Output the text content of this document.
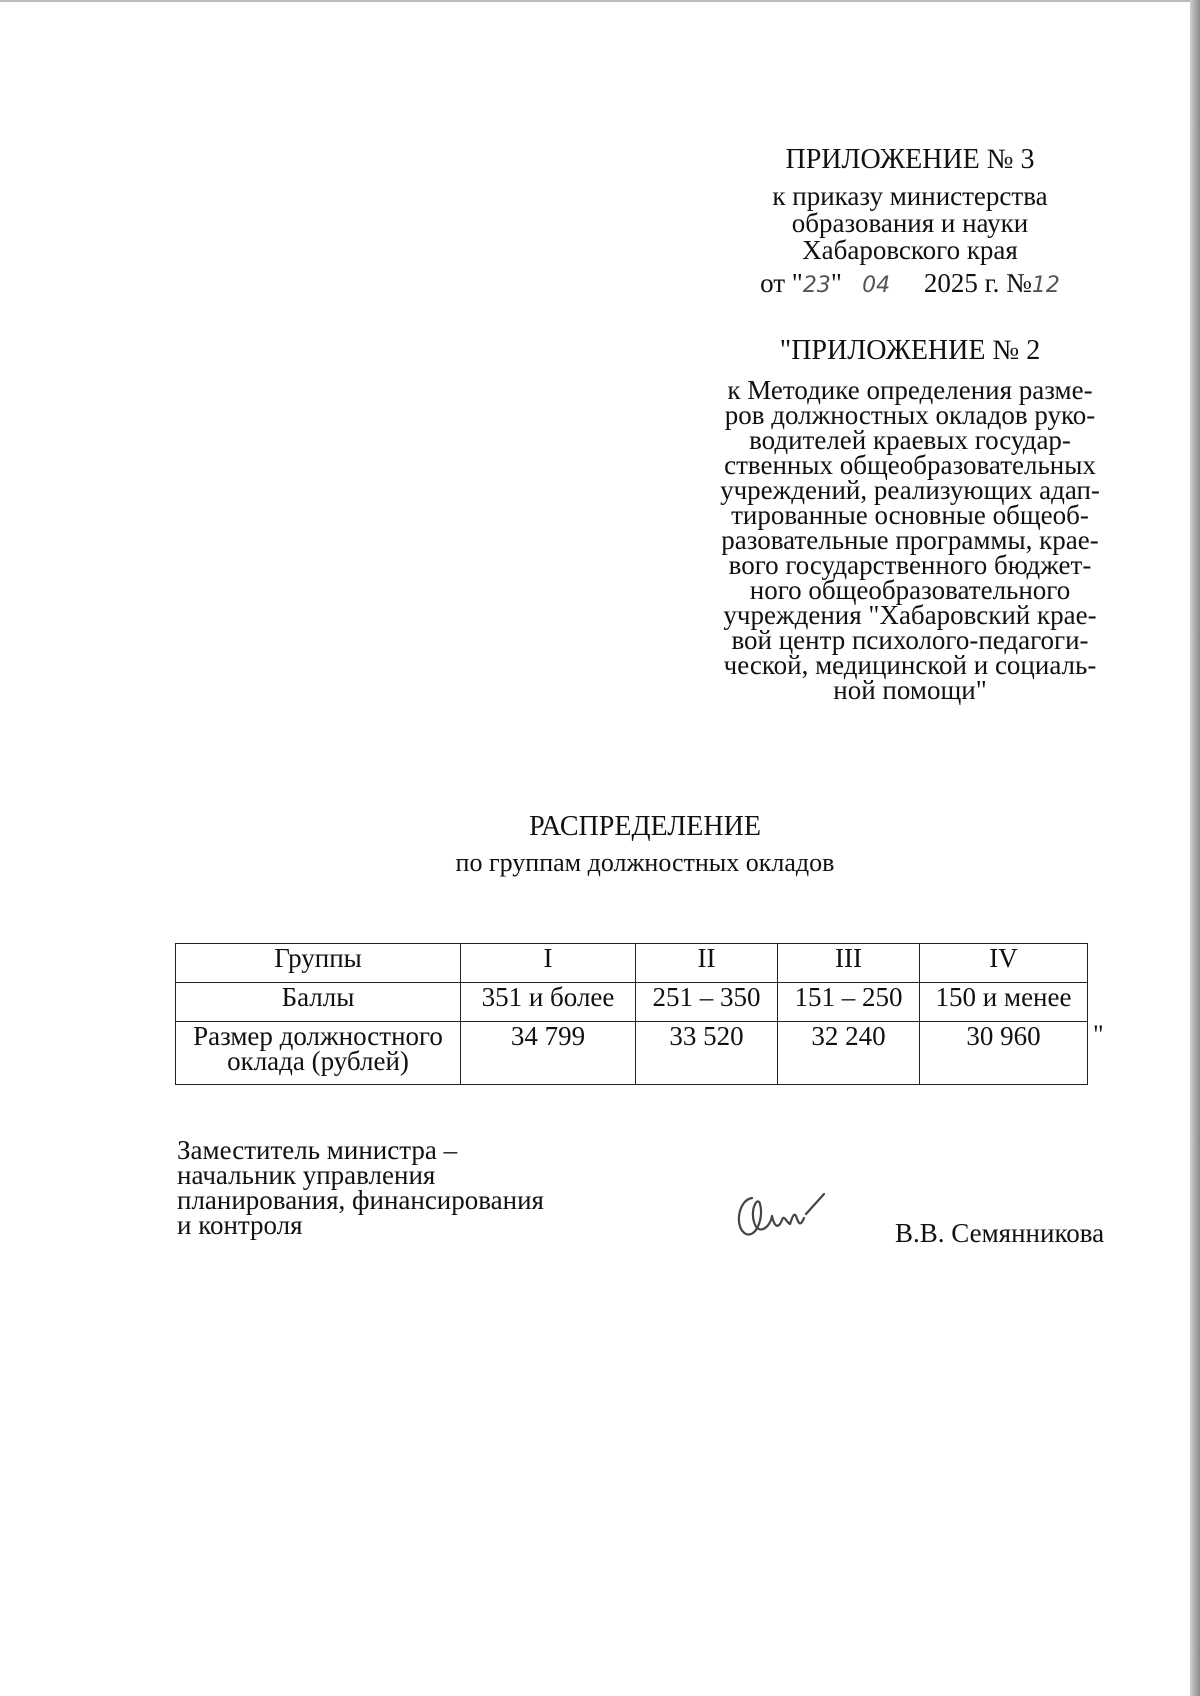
ПРИЛОЖЕНИЕ № 3
к приказу министерства
образования и науки
Хабаровского края
от "23" 04 2025 г. №12
"ПРИЛОЖЕНИЕ № 2
к Методике определения разме-
ров должностных окладов руко-
водителей краевых государ-
ственных общеобразовательных
учреждений, реализующих адап-
тированные основные общеоб-
разовательные программы, крае-
вого государственного бюджет-
ного общеобразовательного
учреждения "Хабаровский крае-
вой центр психолого-педагоги-
ческой, медицинской и социаль-
ной помощи"
РАСПРЕДЕЛЕНИЕ
по группам должностных окладов
Группы	I	II	III	IV
Баллы	351 и более	251 – 350	151 – 250	150 и менее

Размер должностного
оклада (рублей)	34 799	33 520	32 240	30 960 "
Заместитель министра –
начальник управления
планирования, финансирования
и контроля	В.В. Семянникова
